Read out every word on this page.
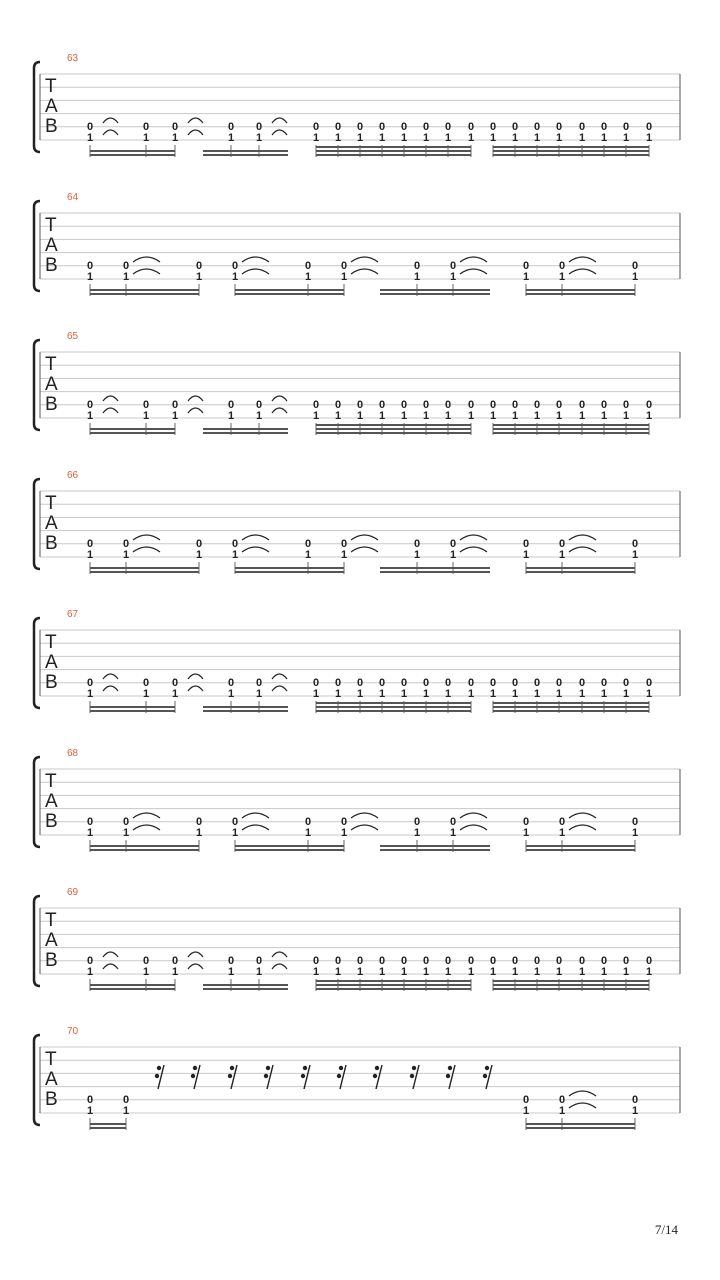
63
T
A
B	0
1
0
1
0
1
0
1
0
1
0
1
0
1
0
1
0
1
0
1
0
1
0
1
0
1
0
1
0
1
0
1
0
1
0
1
0
1
0
1
0
1
64
T
A
B	0
1
0
1
0
1
0
1
0
1
0
1
0
1
0
1
0
1
0
1
0
1
65
T
A
B	0
1
0
1
0
1
0
1
0
1
0
1
0
1
0
1
0
1
0
1
0
1
0
1
0
1
0
1
0
1
0
1
0
1
0
1
0
1
0
1
0
1
66
T
A
B	0
1
0
1
0
1
0
1
0
1
0
1
0
1
0
1
0
1
0
1
0
1
67
T
A
B	0
1
0
1
0
1
0
1
0
1
0
1
0
1
0
1
0
1
0
1
0
1
0
1
0
1
0
1
0
1
0
1
0
1
0
1
0
1
0
1
0
1
68
T
A
B	0
1
0
1
0
1
0
1
0
1
0
1
0
1
0
1
0
1
0
1
0
1
69
T
A
B	0
1
0
1
0
1
0
1
0
1
0
1
0
1
0
1
0
1
0
1
0
1
0
1
0
1
0
1
0
1
0
1
0
1
0
1
0
1
0
1
0
1
70
T
A
B	0
1
0
1
0
1
0
1
0
1
7/14
